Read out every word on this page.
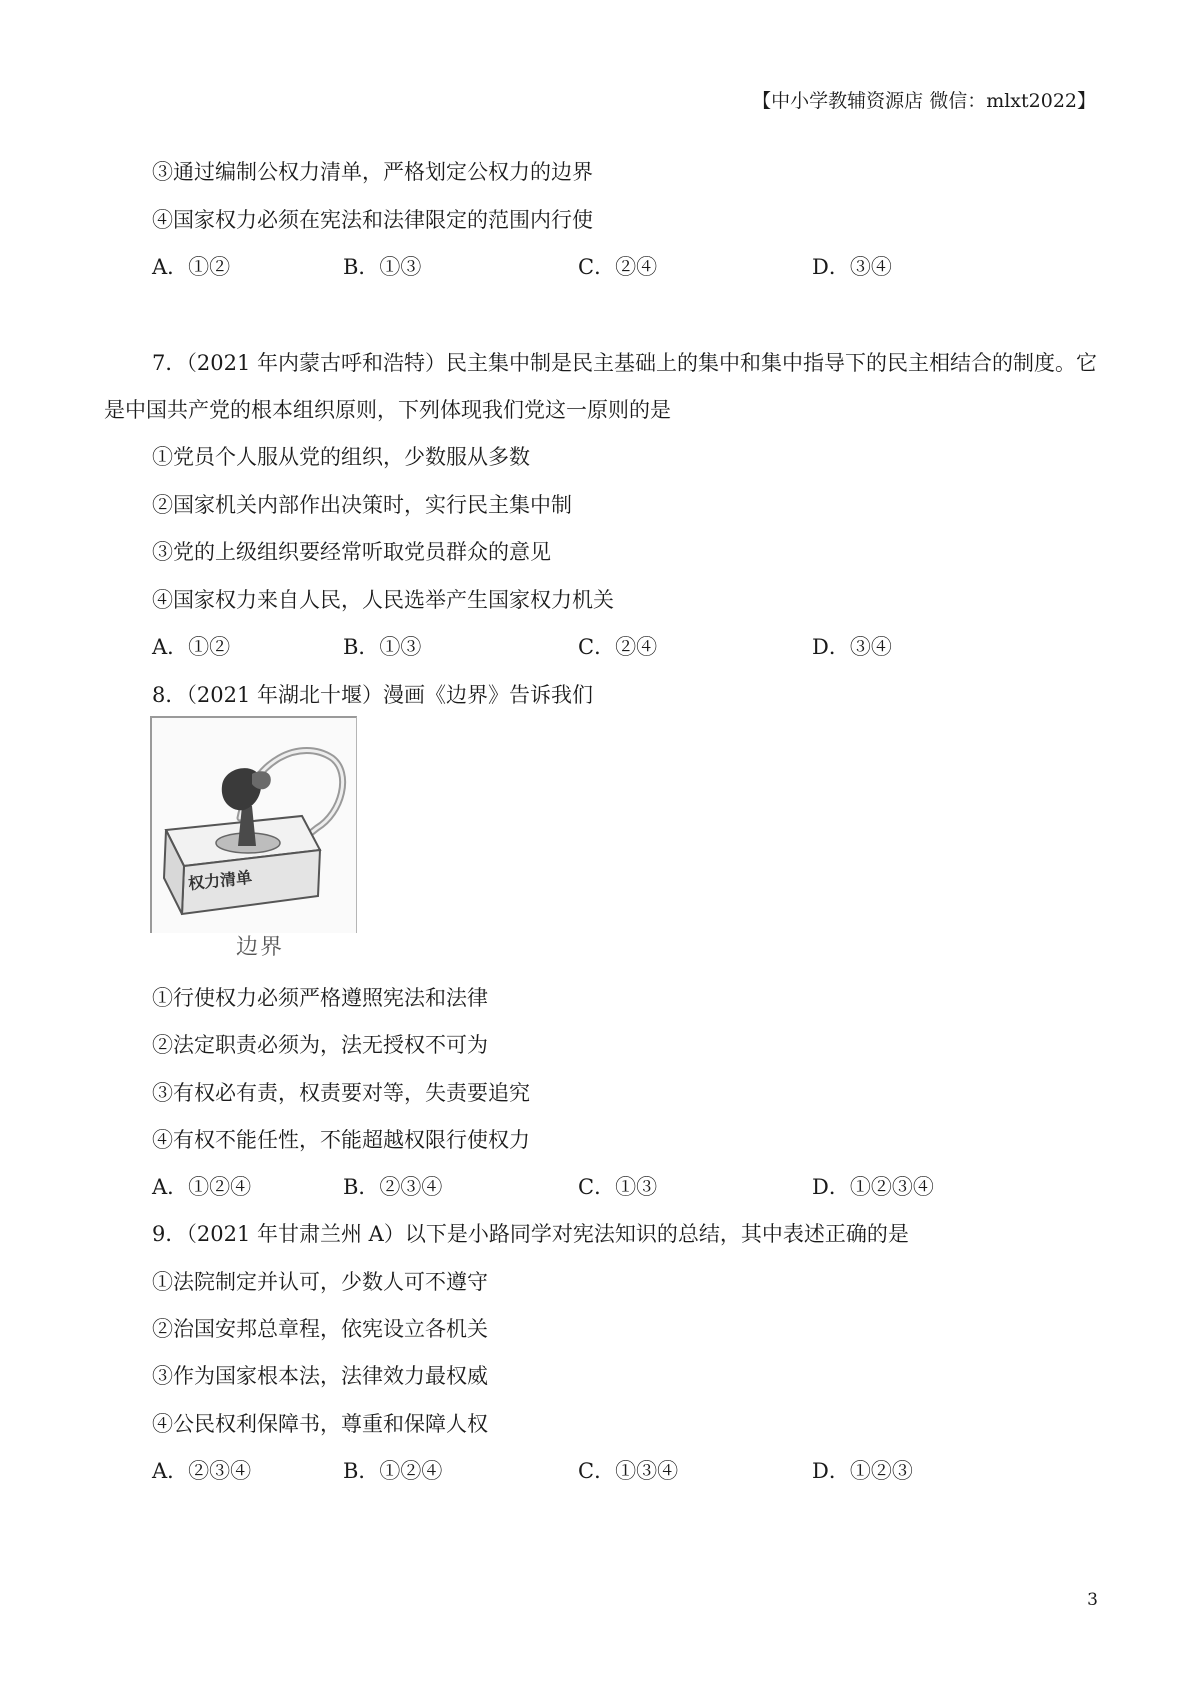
【中小学教辅资源店 微信：mlxt2022】
③通过编制公权力清单，严格划定公权力的边界
④国家权力必须在宪法和法律限定的范围内行使
A．①②	B．①③	C．②④	D．③④
7．（2021 年内蒙古呼和浩特）民主集中制是民主基础上的集中和集中指导下的民主相结合的制度。它
是中国共产党的根本组织原则，下列体现我们党这一原则的是
①党员个人服从党的组织，少数服从多数
②国家机关内部作出决策时，实行民主集中制
③党的上级组织要经常听取党员群众的意见
④国家权力来自人民，人民选举产生国家权力机关
A．①②	B．①③	C．②④	D．③④
8．（2021 年湖北十堰）漫画《边界》告诉我们
权力清单
边界
①行使权力必须严格遵照宪法和法律
②法定职责必须为，法无授权不可为
③有权必有责，权责要对等，失责要追究
④有权不能任性，不能超越权限行使权力
A．①②④	B．②③④	C．①③	D．①②③④
9．（2021 年甘肃兰州 A）以下是小路同学对宪法知识的总结，其中表述正确的是
①法院制定并认可，少数人可不遵守
②治国安邦总章程，依宪设立各机关
③作为国家根本法，法律效力最权威
④公民权利保障书，尊重和保障人权
A．②③④	B．①②④	C．①③④	D．①②③
3
